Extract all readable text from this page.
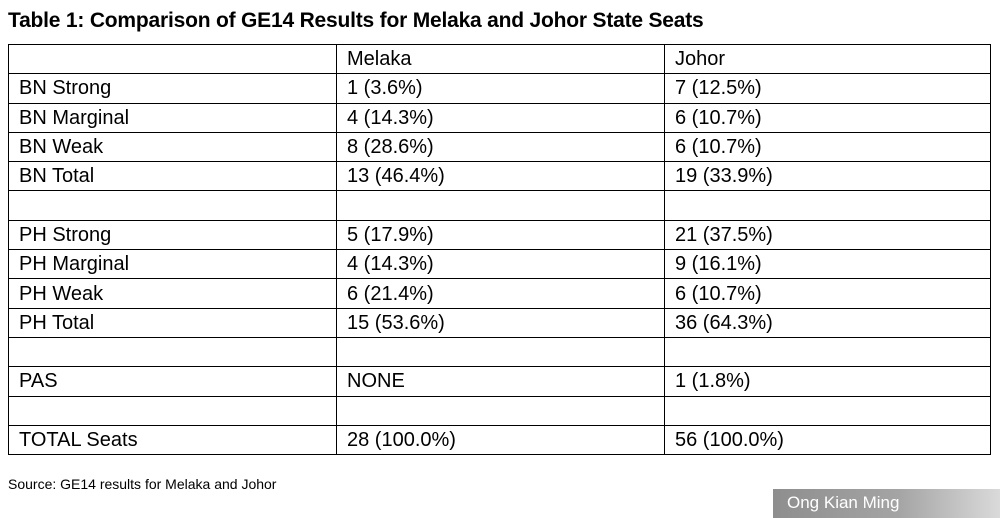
Table 1: Comparison of GE14 Results for Melaka and Johor State Seats
	Melaka	Johor
BN Strong	1 (3.6%)	7 (12.5%)
BN Marginal	4 (14.3%)	6 (10.7%)
BN Weak	8 (28.6%)	6 (10.7%)
BN Total	13 (46.4%)	19 (33.9%)

PH Strong	5 (17.9%)	21 (37.5%)
PH Marginal	4 (14.3%)	9 (16.1%)
PH Weak	6 (21.4%)	6 (10.7%)
PH Total	15 (53.6%)	36 (64.3%)

PAS	NONE	1 (1.8%)

TOTAL Seats	28 (100.0%)	56 (100.0%)
Source: GE14 results for Melaka and Johor
Ong Kian Ming
